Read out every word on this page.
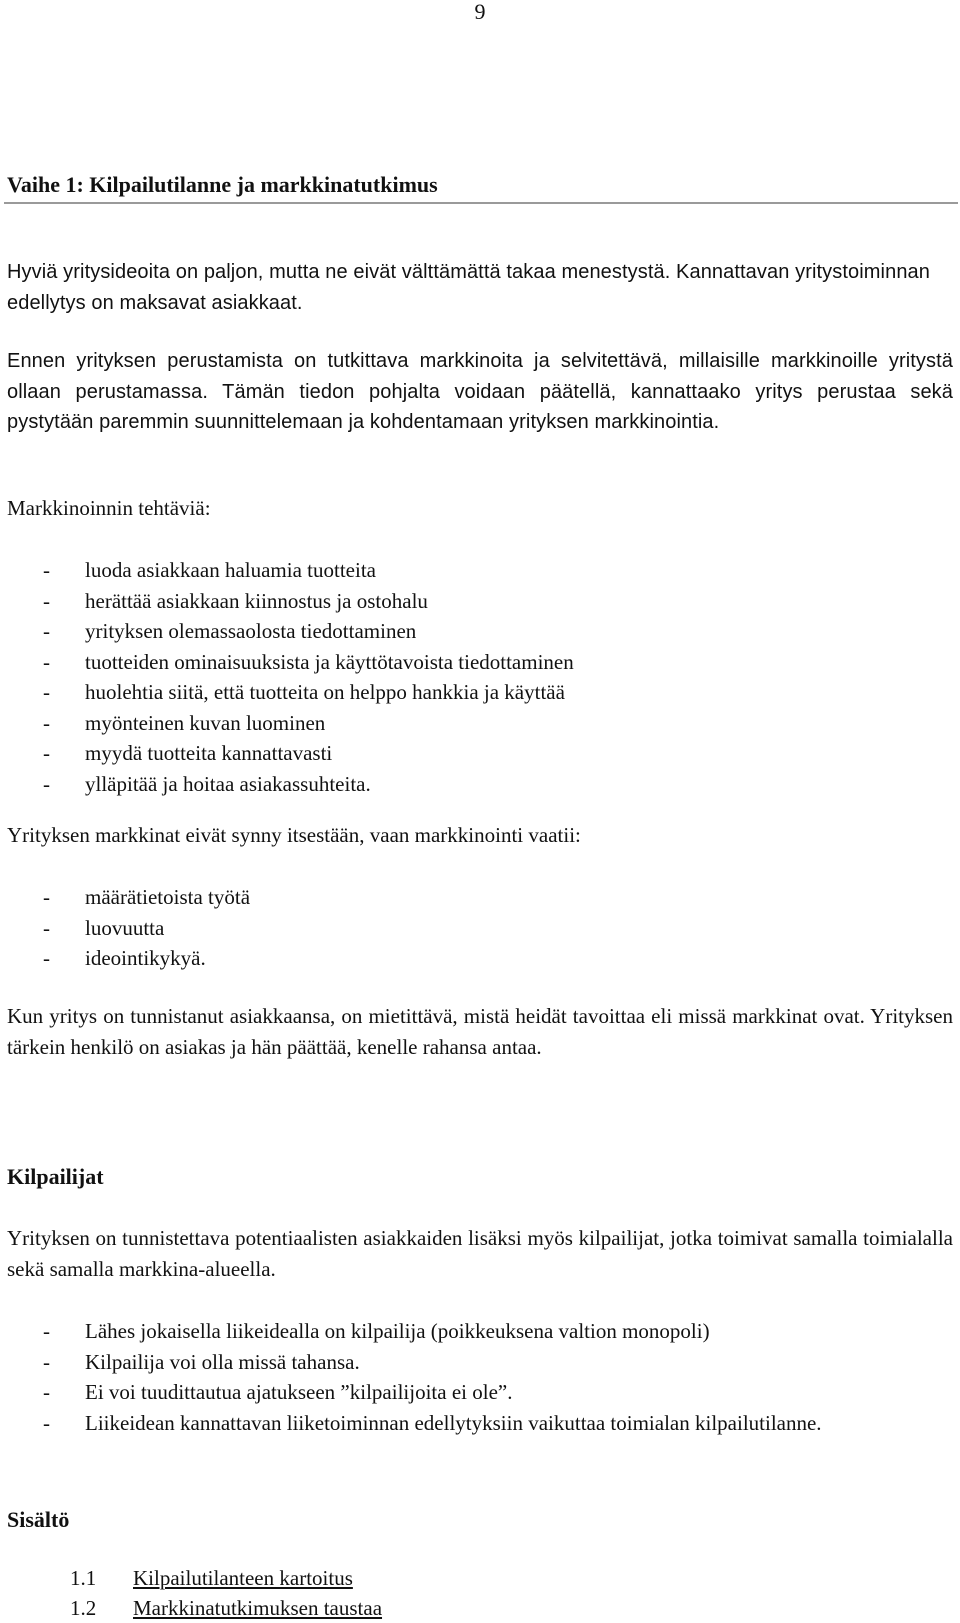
9
Vaihe 1: Kilpailutilanne ja markkinatutkimus
Hyviä yritysideoita on paljon, mutta ne eivät välttämättä takaa menestystä. Kannattavan yritystoiminnan edellytys on maksavat asiakkaat.
Ennen yrityksen perustamista on tutkittava markkinoita ja selvitettävä, millaisille markkinoille yritystä ollaan perustamassa. Tämän tiedon pohjalta voidaan päätellä, kannattaako yritys perustaa sekä pystytään paremmin suunnittelemaan ja kohdentamaan yrityksen markkinointia.
Markkinoinnin tehtäviä:
- luoda asiakkaan haluamia tuotteita
- herättää asiakkaan kiinnostus ja ostohalu
- yrityksen olemassaolosta tiedottaminen
- tuotteiden ominaisuuksista ja käyttötavoista tiedottaminen
- huolehtia siitä, että tuotteita on helppo hankkia ja käyttää
- myönteinen kuvan luominen
- myydä tuotteita kannattavasti
- ylläpitää ja hoitaa asiakassuhteita.
Yrityksen markkinat eivät synny itsestään, vaan markkinointi vaatii:
- määrätietoista työtä
- luovuutta
- ideointikykyä.
Kun yritys on tunnistanut asiakkaansa, on mietittävä, mistä heidät tavoittaa eli missä markkinat ovat. Yrityksen tärkein henkilö on asiakas ja hän päättää, kenelle rahansa antaa.
Kilpailijat
Yrityksen on tunnistettava potentiaalisten asiakkaiden lisäksi myös kilpailijat, jotka toimivat samalla toimialalla sekä samalla markkina-alueella.
- Lähes jokaisella liikeidealla on kilpailija (poikkeuksena valtion monopoli)
- Kilpailija voi olla missä tahansa.
- Ei voi tuudittautua ajatukseen ”kilpailijoita ei ole”.
- Liikeidean kannattavan liiketoiminnan edellytyksiin vaikuttaa toimialan kilpailutilanne.
Sisältö
1.1 Kilpailutilanteen kartoitus
1.2 Markkinatutkimuksen taustaa
